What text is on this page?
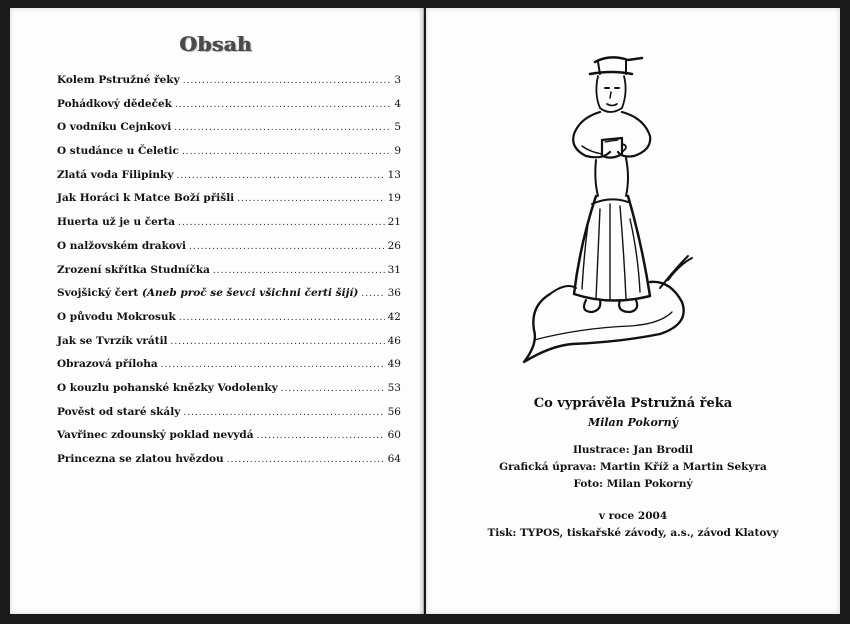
Obsah
Kolem Pstružné řeky .....	3
Pohádkový dědeček .....	4
O vodníku Cejnkovi .....	5
O studánce u Čeletic .....	9
Zlatá voda Filipinky .....	13
Jak Horáci k Matce Boží přišli .....	19
Huerta už je u čerta .....	21
O nalžovském drakovi .....	26
Zrození skřítka Studníčka .....	31
Svojšický čert (Aneb proč se ševci všichni čerti šijí) .....	36
O původu Mokrosuk .....	42
Jak se Tvrzík vrátil .....	46
Obrazová příloha .....	49
O kouzlu pohanské knězky Vodolenky .....	53
Pověst od staré skály .....	56
Vavřinec zdounský poklad nevydá .....	60
Princezna se zlatou hvězdou .....	64
Co vyprávěla Pstružná řeka
Milan Pokorný
Ilustrace: Jan Brodil
Grafická úprava: Martin Kříž a Martin Sekyra
Foto: Milan Pokorný
v roce 2004
Tisk: TYPOS, tiskařské závody, a.s., závod Klatovy
